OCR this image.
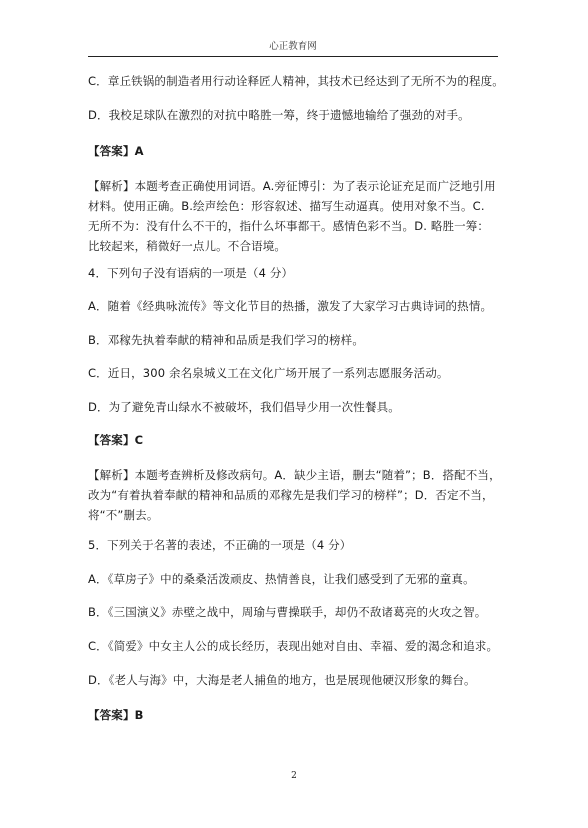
心正教育网
C．章丘铁锅的制造者用行动诠释匠人精神，其技术已经达到了无所不为的程度。
D．我校足球队在激烈的对抗中略胜一筹，终于遗憾地输给了强劲的对手。
【答案】A
【解析】本题考查正确使用词语。A.旁征博引：为了表示论证充足而广泛地引用
材料。使用正确。B.绘声绘色：形容叙述、描写生动逼真。使用对象不当。C.
无所不为：没有什么不干的，指什么坏事都干。感情色彩不当。D. 略胜一筹：
比较起来，稍微好一点儿。不合语境。
4．下列句子没有语病的一项是（4 分）
A．随着《经典咏流传》等文化节目的热播，激发了大家学习古典诗词的热情。
B．邓稼先执着奉献的精神和品质是我们学习的榜样。
C．近日，300 余名泉城义工在文化广场开展了一系列志愿服务活动。
D．为了避免青山绿水不被破坏，我们倡导少用一次性餐具。
【答案】C
【解析】本题考查辨析及修改病句。A．缺少主语，删去“随着”；B．搭配不当，
改为“有着执着奉献的精神和品质的邓稼先是我们学习的榜样”；D．否定不当，
将“不”删去。
5．下列关于名著的表述，不正确的一项是（4 分）
A．《草房子》中的桑桑活泼顽皮、热情善良，让我们感受到了无邪的童真。
B．《三国演义》赤壁之战中，周瑜与曹操联手，却仍不敌诸葛亮的火攻之智。
C．《简爱》中女主人公的成长经历，表现出她对自由、幸福、爱的渴念和追求。
D．《老人与海》中，大海是老人捕鱼的地方，也是展现他硬汉形象的舞台。
【答案】B
2
